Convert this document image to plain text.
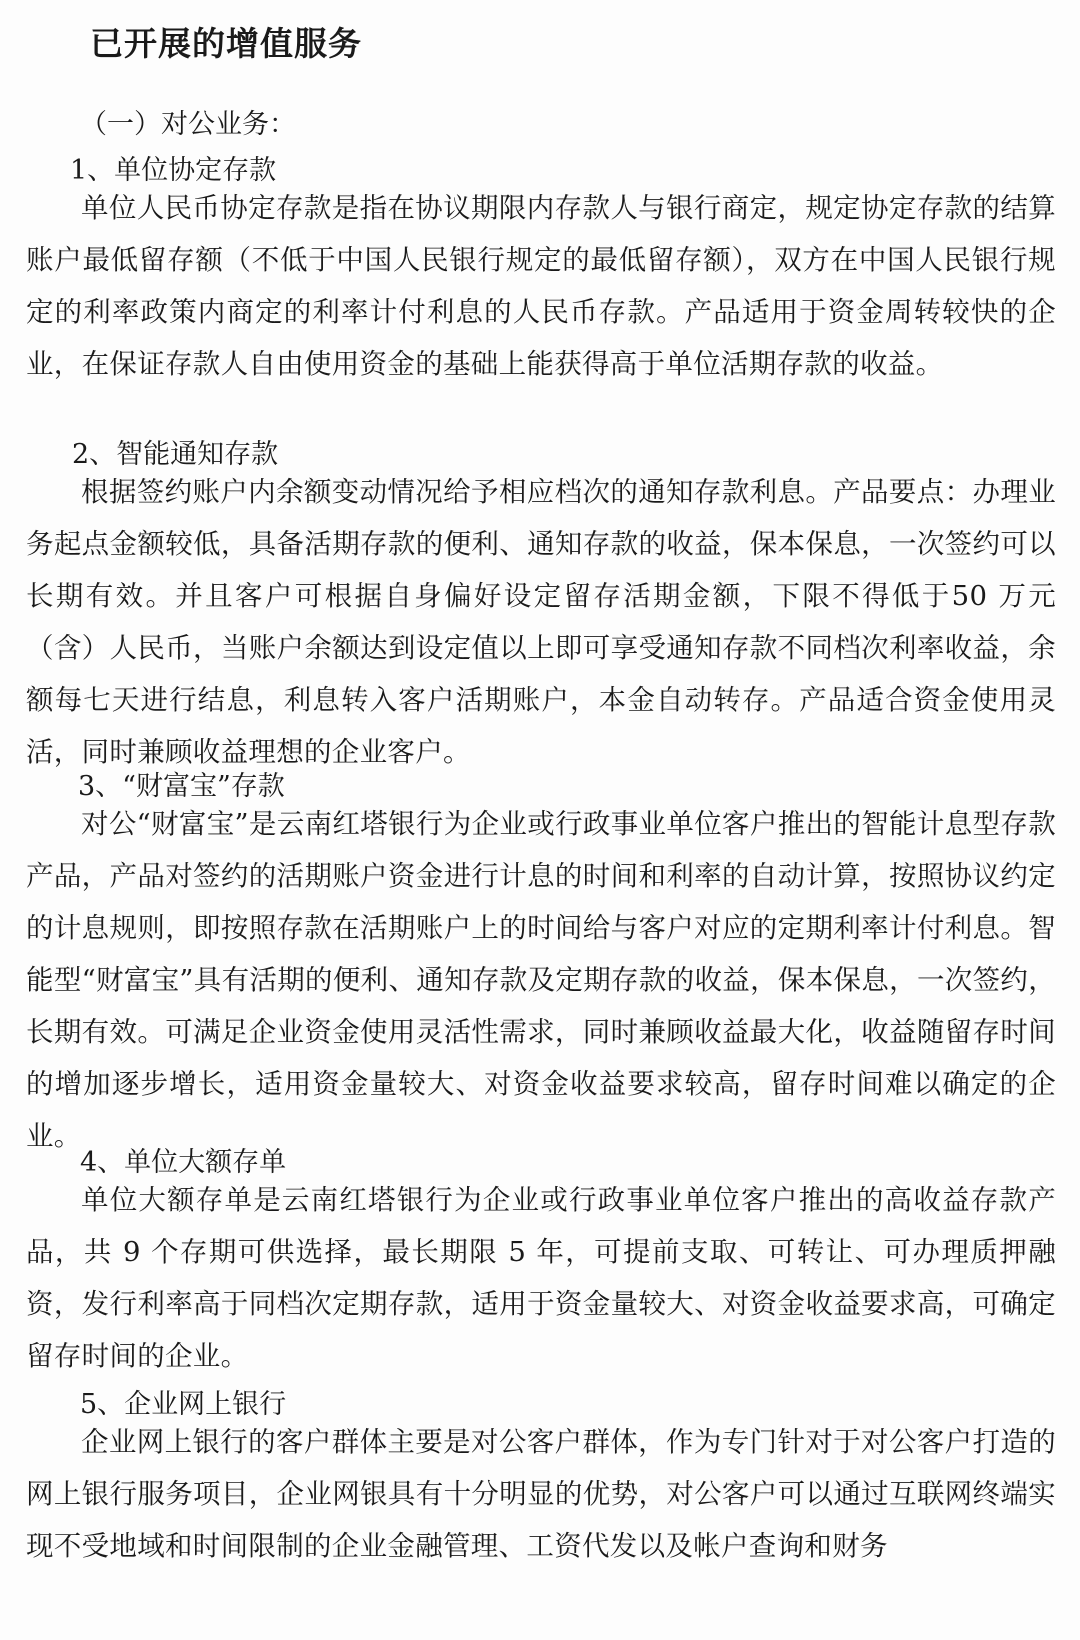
已开展的增值服务

（一）对公业务：

1、单位协定存款

单位人民币协定存款是指在协议期限内存款人与银行商定，规定协定存款的结算账户最低留存额（不低于中国人民银行规定的最低留存额），双方在中国人民银行规定的利率政策内商定的利率计付利息的人民币存款。产品适用于资金周转较快的企业，在保证存款人自由使用资金的基础上能获得高于单位活期存款的收益。

2、智能通知存款

根据签约账户内余额变动情况给予相应档次的通知存款利息。产品要点：办理业务起点金额较低，具备活期存款的便利、通知存款的收益，保本保息，一次签约可以长期有效。并且客户可根据自身偏好设定留存活期金额，下限不得低于50 万元（含）人民币，当账户余额达到设定值以上即可享受通知存款不同档次利率收益，余额每七天进行结息，利息转入客户活期账户，本金自动转存。产品适合资金使用灵活，同时兼顾收益理想的企业客户。

3、“财富宝”存款

对公“财富宝”是云南红塔银行为企业或行政事业单位客户推出的智能计息型存款产品，产品对签约的活期账户资金进行计息的时间和利率的自动计算，按照协议约定的计息规则，即按照存款在活期账户上的时间给与客户对应的定期利率计付利息。智能型“财富宝”具有活期的便利、通知存款及定期存款的收益，保本保息，一次签约，长期有效。可满足企业资金使用灵活性需求，同时兼顾收益最大化，收益随留存时间的增加逐步增长，适用资金量较大、对资金收益要求较高，留存时间难以确定的企业。

4、单位大额存单

单位大额存单是云南红塔银行为企业或行政事业单位客户推出的高收益存款产品，共 9 个存期可供选择，最长期限 5 年，可提前支取、可转让、可办理质押融资，发行利率高于同档次定期存款，适用于资金量较大、对资金收益要求高，可确定留存时间的企业。

5、企业网上银行

企业网上银行的客户群体主要是对公客户群体，作为专门针对于对公客户打造的网上银行服务项目，企业网银具有十分明显的优势，对公客户可以通过互联网终端实现不受地域和时间限制的企业金融管理、工资代发以及帐户查询和财务
